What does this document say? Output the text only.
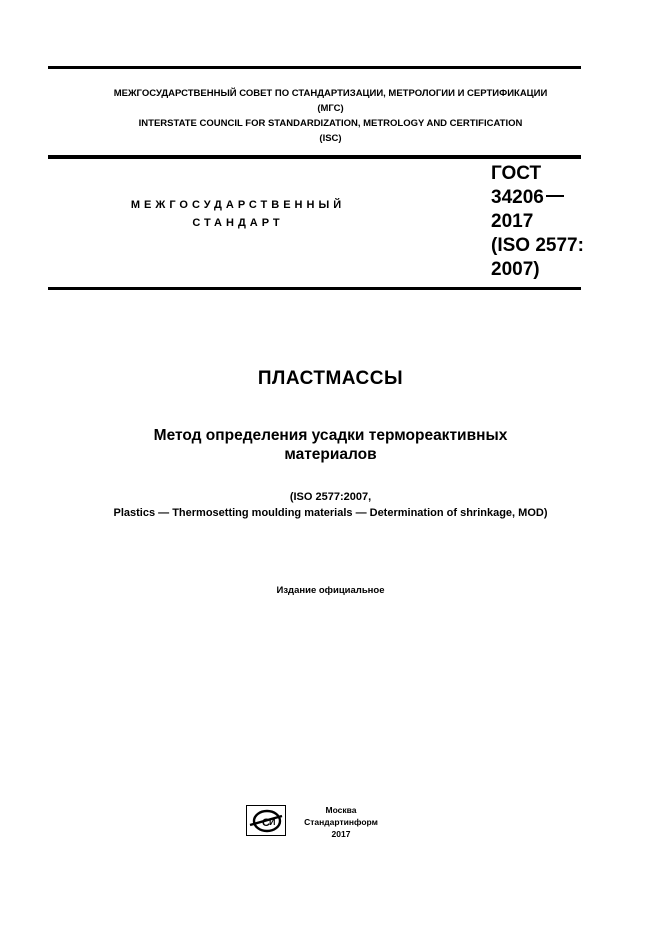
МЕЖГОСУДАРСТВЕННЫЙ СОВЕТ ПО СТАНДАРТИЗАЦИИ, МЕТРОЛОГИИ И СЕРТИФИКАЦИИ
(МГС)
INTERSTATE COUNCIL FOR STANDARDIZATION, METROLOGY AND CERTIFICATION
(ISC)
МЕЖГОСУДАРСТВЕННЫЙ
СТАНДАРТ
ГОСТ
34206
2017
(ISO 2577:
2007)
ПЛАСТМАССЫ
Метод определения усадки термореактивных
материалов
(ISO 2577:2007,
Plastics — Thermosetting moulding materials — Determination of shrinkage, MOD)
Издание официальное
С И
Москва
Стандартинформ
2017
